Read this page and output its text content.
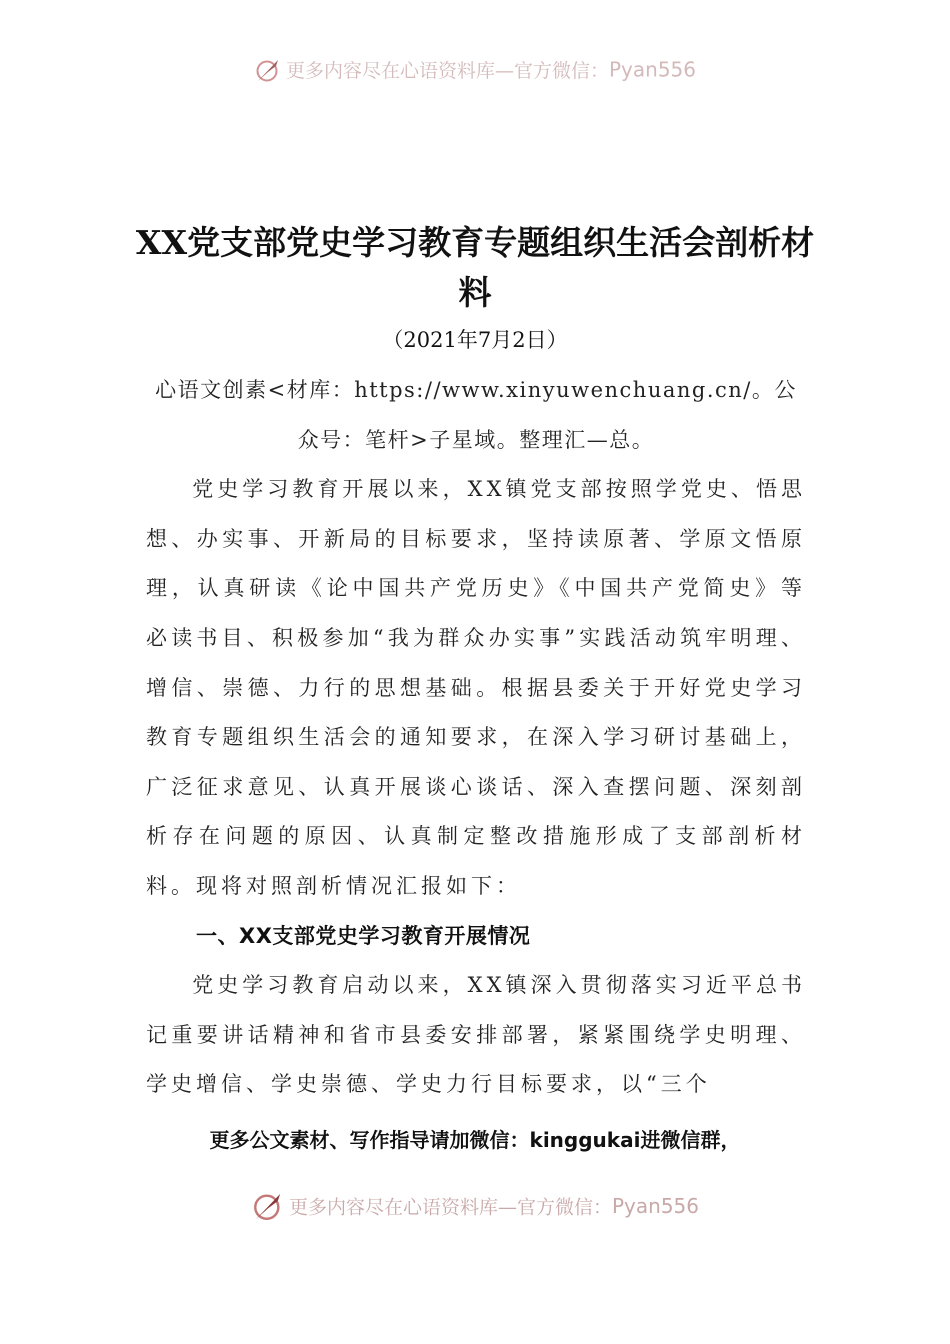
更多内容尽在心语资料库—官方微信：Pyan556
XX党支部党史学习教育专题组织生活会剖析材料
（2021年7月2日）

心语文创素<材库：https://www.xinyuwenchuang.cn/。公众号：笔杆>子星域。整理汇—总。

党史学习教育开展以来，XX镇党支部按照学党史、悟思想、办实事、开新局的目标要求，坚持读原著、学原文悟原理，认真研读《论中国共产党历史》《中国共产党简史》等必读书目、积极参加“我为群众办实事”实践活动筑牢明理、增信、崇德、力行的思想基础。根据县委关于开好党史学习教育专题组织生活会的通知要求，在深入学习研讨基础上，广泛征求意见、认真开展谈心谈话、深入查摆问题、深刻剖析存在问题的原因、认真制定整改措施形成了支部剖析材料。现将对照剖析情况汇报如下：

一、XX支部党史学习教育开展情况

党史学习教育启动以来，XX镇深入贯彻落实习近平总书记重要讲话精神和省市县委安排部署，紧紧围绕学史明理、学史增信、学史崇德、学史力行目标要求，以“三个

更多公文素材、写作指导请加微信：kinggukai进微信群，
更多内容尽在心语资料库—官方微信：Pyan556
